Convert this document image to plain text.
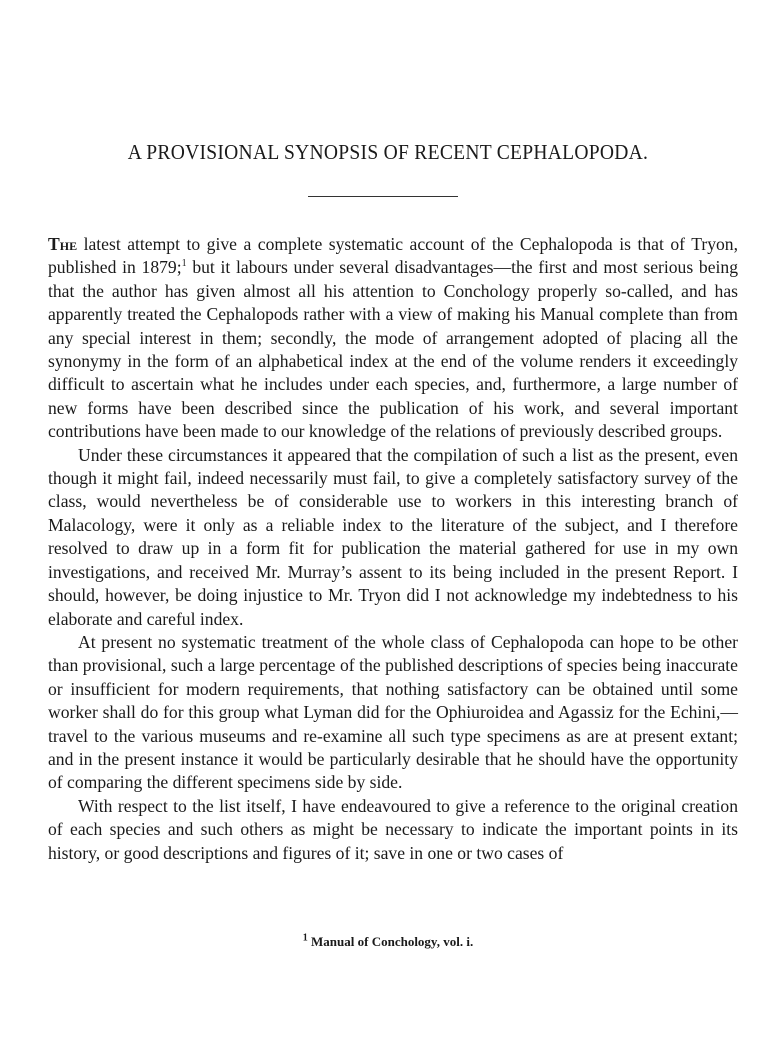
A PROVISIONAL SYNOPSIS OF RECENT CEPHALOPODA.

The latest attempt to give a complete systematic account of the Cephalopoda is that of Tryon, published in 1879;$^1$ but it labours under several disadvantages—the first and most serious being that the author has given almost all his attention to Conchology properly so-called, and has apparently treated the Cephalopods rather with a view of making his Manual complete than from any special interest in them; secondly, the mode of arrangement adopted of placing all the synonymy in the form of an alphabetical index at the end of the volume renders it exceedingly difficult to ascertain what he includes under each species, and, furthermore, a large number of new forms have been described since the publication of his work, and several important contributions have been made to our knowledge of the relations of previously described groups.

Under these circumstances it appeared that the compilation of such a list as the present, even though it might fail, indeed necessarily must fail, to give a completely satisfactory survey of the class, would nevertheless be of considerable use to workers in this interesting branch of Malacology, were it only as a reliable index to the literature of the subject, and I therefore resolved to draw up in a form fit for publication the material gathered for use in my own investigations, and received Mr. Murray’s assent to its being included in the present Report. I should, however, be doing injustice to Mr. Tryon did I not acknowledge my indebtedness to his elaborate and careful index.

At present no systematic treatment of the whole class of Cephalopoda can hope to be other than provisional, such a large percentage of the published descriptions of species being inaccurate or insufficient for modern requirements, that nothing satisfactory can be obtained until some worker shall do for this group what Lyman did for the Ophiuroidea and Agassiz for the Echini,—travel to the various museums and re-examine all such type specimens as are at present extant; and in the present instance it would be particularly desirable that he should have the opportunity of comparing the different specimens side by side.

With respect to the list itself, I have endeavoured to give a reference to the original creation of each species and such others as might be necessary to indicate the important points in its history, or good descriptions and figures of it; save in one or two cases of

$^1$ Manual of Conchology, vol. i.
